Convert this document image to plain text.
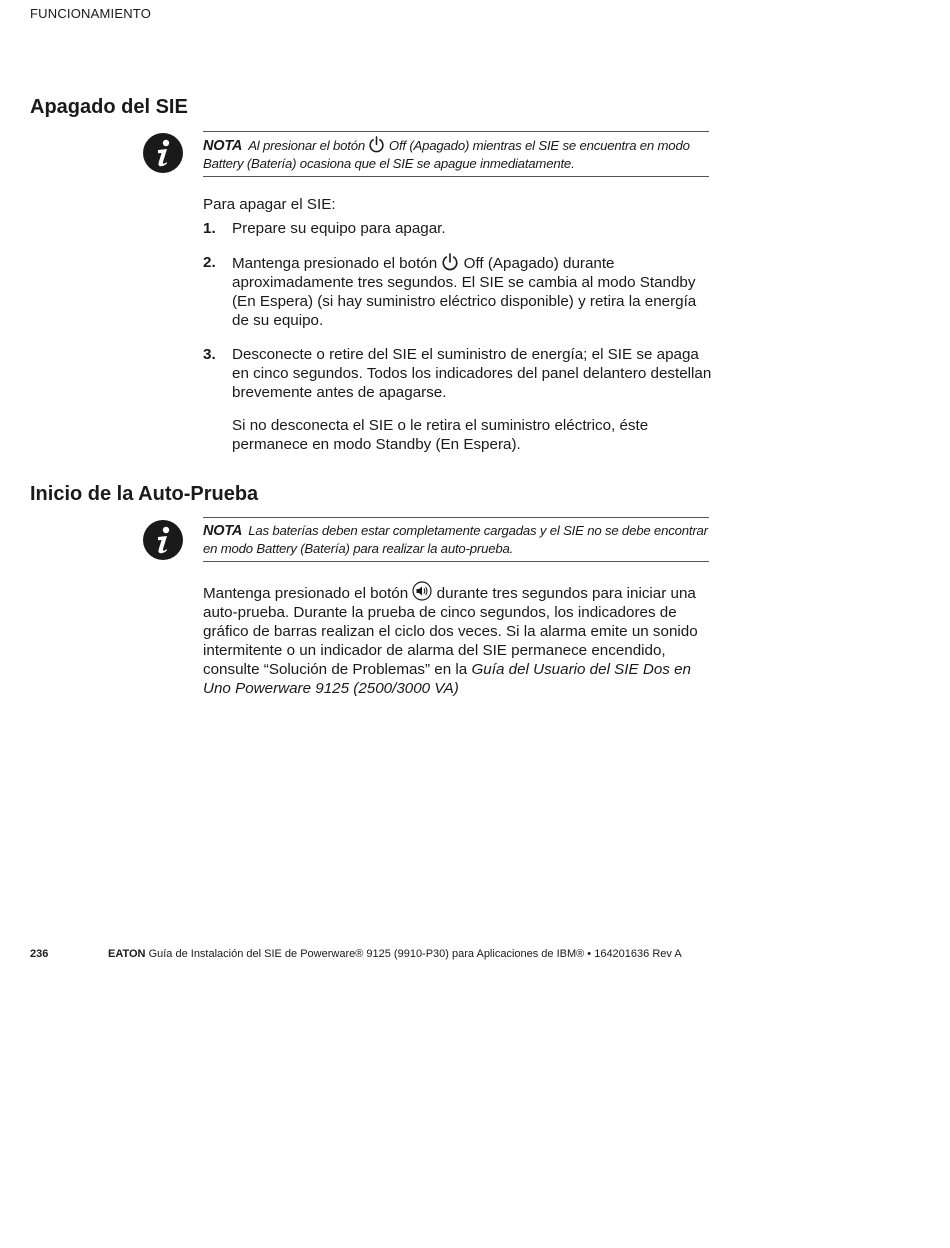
FUNCIONAMIENTO
Apagado del SIE
NOTA Al presionar el botón Off (Apagado) mientras el SIE se encuentra en modo Battery (Batería) ocasiona que el SIE se apague inmediatamente.
Para apagar el SIE:
1. Prepare su equipo para apagar.

2. Mantenga presionado el botón Off (Apagado) durante aproximadamente tres segundos. El SIE se cambia al modo Standby (En Espera) (si hay suministro eléctrico disponible) y retira la energía de su equipo.

3. Desconecte o retire del SIE el suministro de energía; el SIE se apaga en cinco segundos. Todos los indicadores del panel delantero destellan brevemente antes de apagarse.

Si no desconecta el SIE o le retira el suministro eléctrico, éste permanece en modo Standby (En Espera).

Inicio de la Auto-Prueba
NOTA Las baterías deben estar completamente cargadas y el SIE no se debe encontrar en modo Battery (Batería) para realizar la auto-prueba.

Mantenga presionado el botón durante tres segundos para iniciar una auto-prueba. Durante la prueba de cinco segundos, los indicadores de gráfico de barras realizan el ciclo dos veces. Si la alarma emite un sonido intermitente o un indicador de alarma del SIE permanece encendido, consulte “Solución de Problemas” en la Guía del Usuario del SIE Dos en Uno Powerware 9125 (2500/3000 VA)

236	EATON Guía de Instalación del SIE de Powerware® 9125 (9910-P30) para Aplicaciones de IBM® • 164201636 Rev A
